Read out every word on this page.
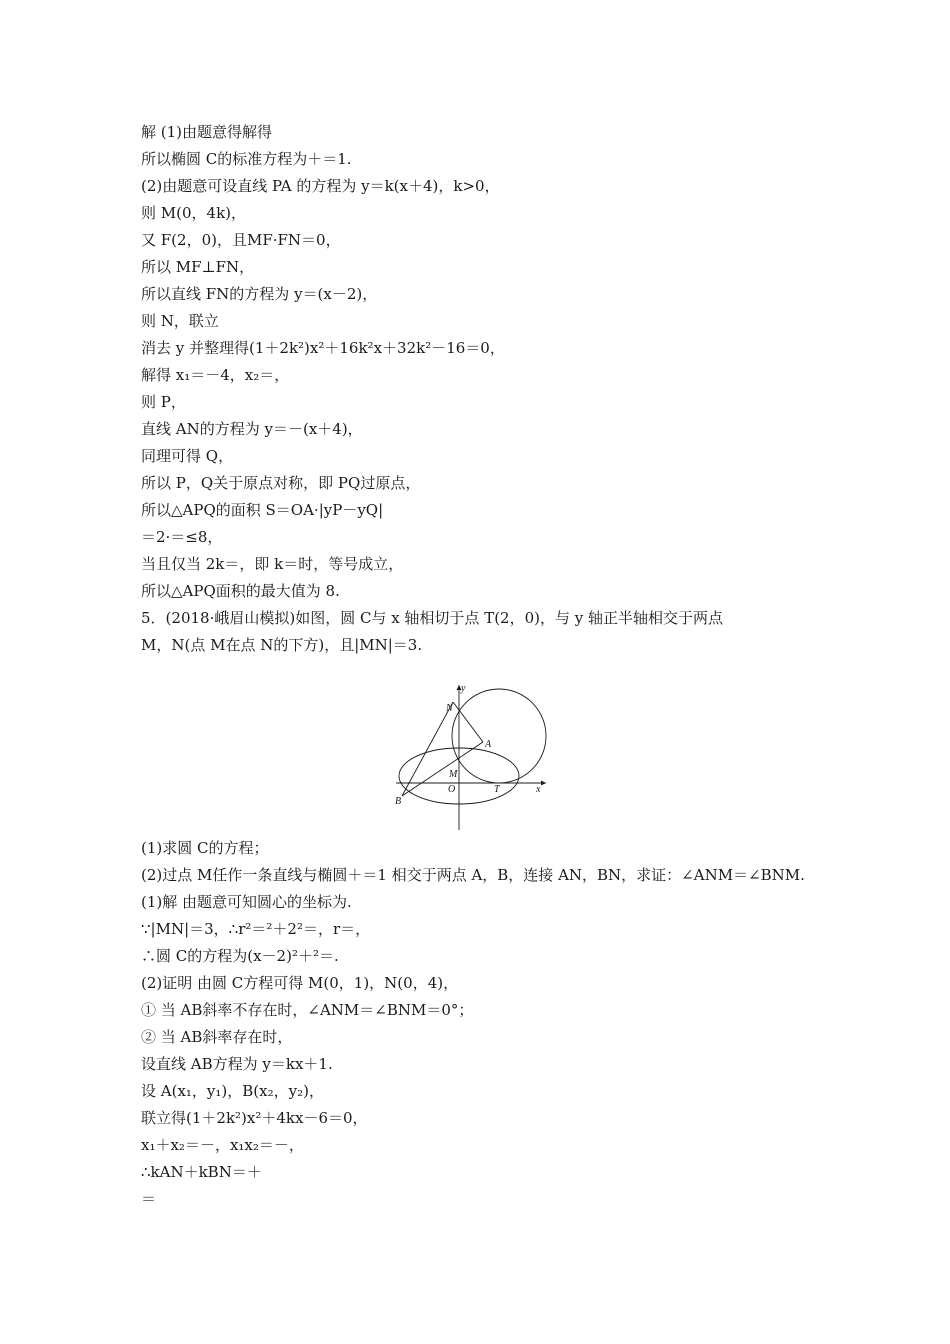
解 (1)由题意得解得
所以椭圆 C的标准方程为＋＝1.
(2)由题意可设直线 PA 的方程为 y＝k(x＋4)，k>0，
则 M(0，4k)，
又 F(2，0)，且MF·FN＝0，
所以 MF⊥FN，
所以直线 FN的方程为 y＝(x－2)，
则 N，联立
消去 y 并整理得(1＋2k²)x²＋16k²x＋32k²－16＝0，
解得 x₁＝－4，x₂＝，
则 P，
直线 AN的方程为 y＝－(x＋4)，
同理可得 Q，
所以 P，Q关于原点对称，即 PQ过原点，
所以△APQ的面积 S＝OA·|yP－yQ|
＝2·＝≤8，
当且仅当 2k＝，即 k＝时，等号成立，
所以△APQ面积的最大值为 8.
5．(2018·峨眉山模拟)如图，圆 C与 x 轴相切于点 T(2，0)，与 y 轴正半轴相交于两点
M，N(点 M在点 N的下方)，且|MN|＝3.
y
x
N
A
M
B
O	T
(1)求圆 C的方程；
(2)过点 M任作一条直线与椭圆＋＝1 相交于两点 A，B，连接 AN，BN，求证：∠ANM＝∠BNM.
(1)解 由题意可知圆心的坐标为.
∵|MN|＝3，∴r²＝²＋2²＝，r＝，
∴圆 C的方程为(x－2)²＋²＝.
(2)证明 由圆 C方程可得 M(0，1)，N(0，4)，
① 当 AB斜率不存在时，∠ANM＝∠BNM＝0°；
② 当 AB斜率存在时，
设直线 AB方程为 y＝kx＋1.
设 A(x₁，y₁)，B(x₂，y₂)，
联立得(1＋2k²)x²＋4kx－6＝0，
x₁＋x₂＝－，x₁x₂＝－，
∴kAN＋kBN＝＋
＝
